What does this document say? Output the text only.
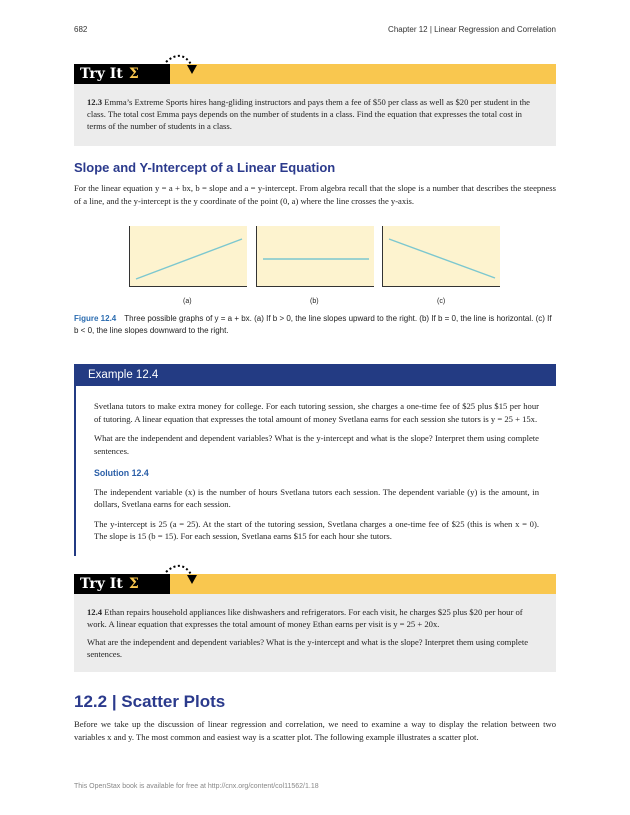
682	Chapter 12 | Linear Regression and Correlation
Try It Σ

12.3 Emma’s Extreme Sports hires hang-gliding instructors and pays them a fee of $50 per class as well as $20 per student in the class. The total cost Emma pays depends on the number of students in a class. Find the equation that expresses the total cost in terms of the number of students in a class.

Slope and Y-Intercept of a Linear Equation
For the linear equation y = a + bx, b = slope and a = y-intercept. From algebra recall that the slope is a number that describes the steepness of a line, and the y-intercept is the y coordinate of the point (0, a) where the line crosses the y-axis.
(a)	(b)	(c)
Figure 12.4 Three possible graphs of y = a + bx. (a) If b > 0, the line slopes upward to the right. (b) If b = 0, the line is horizontal. (c) If b < 0, the line slopes downward to the right.
Example 12.4

Svetlana tutors to make extra money for college. For each tutoring session, she charges a one-time fee of $25 plus $15 per hour of tutoring. A linear equation that expresses the total amount of money Svetlana earns for each session she tutors is y = 25 + 15x.

What are the independent and dependent variables? What is the y-intercept and what is the slope? Interpret them using complete sentences.

Solution 12.4

The independent variable (x) is the number of hours Svetlana tutors each session. The dependent variable (y) is the amount, in dollars, Svetlana earns for each session.

The y-intercept is 25 (a = 25). At the start of the tutoring session, Svetlana charges a one-time fee of $25 (this is when x = 0). The slope is 15 (b = 15). For each session, Svetlana earns $15 for each hour she tutors.

Try It Σ

12.4 Ethan repairs household appliances like dishwashers and refrigerators. For each visit, he charges $25 plus $20 per hour of work. A linear equation that expresses the total amount of money Ethan earns per visit is y = 25 + 20x.

What are the independent and dependent variables? What is the y-intercept and what is the slope? Interpret them using complete sentences.

12.2 | Scatter Plots
Before we take up the discussion of linear regression and correlation, we need to examine a way to display the relation between two variables x and y. The most common and easiest way is a scatter plot. The following example illustrates a scatter plot.
This OpenStax book is available for free at http://cnx.org/content/col11562/1.18
